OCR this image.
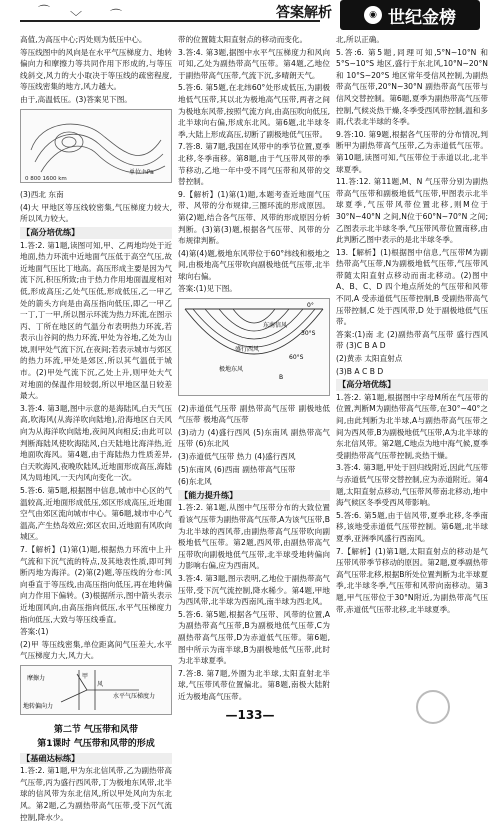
⌒ ﹀ ⌒	答案解析	◉ 世纪金榜

高值,为高压中心;丙处则为低压中心。

等压线图中的风向是在水平气压梯度力、地转偏向力和摩擦力等共同作用下形成的,与等压线斜交,风力的大小取决于等压线的疏密程度,等压线密集的地方,风力越大。

由于,高温低压。(3)答案见下图。

单位:hPa
0 800 1600 km

(3)西北 东南

(4)大 甲地区等压线较密集,气压梯度力较大,所以风力较大。

【高分培优练】

1.答:2. 第1题,读图可知,甲、乙两地均处于近地面,热力环流中近地面气压低于高空气压,故近地面气压比丁地高。高压形成主要是因为气流下沉,积压所致;由于热力作用地面温度相对低,形成高压;乙处气压低,形成低压,乙一甲乙处的箭头方向是由高压指向低压,即乙一甲乙一丁,丁一甲,所以图示环流为热力环流,在图示丙、丁所在地区的气温分布表明热力环流,若表示山谷间的热力环流,甲处为谷地,乙处为山坡,则甲处气流下沉,在夜间;若表示城市与郊区的热力环流,甲处是郊区,所以其气温低于城市。(2)甲处气流下沉,乙处上升,则甲处大气对地面的保温作用较弱,所以甲地区温日较差最大。

3.答:4. 第3题,图中示意的是海陆风,白天气压高,吹海风(从海洋吹向陆地),沿海地区白天风向为从海洋吹向陆地,夜间风向相反;由此可以判断海陆风使吹海陆风,白天陆地比海洋热,近地面吹海风。第4题,由于海陆热力性质差异,白天吹海风,夜晚吹陆风,近地面形成高压,海陆风为局地风,一天内风向变化一次。

5.答:6. 第5题,根据图中信息,城市中心区的气温较高,近地面形成低压,郊区形成高压,近地面空气由郊区流向城市中心。第6题,城市中心气温高,产生热岛效应;郊区农田,近地面有风吹向城区。

7.【解析】(1)第(1)题,根据热力环流中上升气流和下沉气流的特点,及其地表性质,即可判断丙地为海洋。(2)第(2)题,等压线的分布:风向垂直于等压线,由高压指向低压,再在地转偏向力作用下偏转。(3)根据所示,图中箭头表示近地面风向,由高压指向低压,水平气压梯度力指向低压,大致与等压线垂直。

答案:(1)

(2)甲 等压线密集,单位距离间气压差大,水平气压梯度力大,风力大。

摩擦力	甲
风
地转偏向力
水平气压梯度力
第二节 气压带和风带
第1课时 气压带和风带的形成
【基础达标练】

1.答:2. 第1题,甲为东北信风带,乙为副热带高气压带,丙为盛行西风带,丁为极地东风带,北半球的信风带为东北信风,所以甲处风向为东北风。第2题,乙为副热带高气压带,受下沉气流控制,降水少。

带的位置随太阳直射点的移动而变化。

3.答:4. 第3题,据图中水平气压梯度力和风向可知,乙处为副热带高气压带。第4题,乙地位于副热带高气压带,气流下沉,多晴朗天气。

5.答:6. 第5题,在北纬60°处形成低压,为副极地低气压带,其以北为极地高气压带,两者之间为极地东风带,按照气流方向,由高压吹向低压,北半球向右偏,形成东北风。第6题,北半球冬季,大陆上形成高压,切断了副极地低气压带。

7.答:8. 第7题,我国在风带中的季节位置,夏季北移,冬季南移。第8题,由于气压带风带的季节移动,乙地一年中受不同气压带和风带的交替控制。

9.【解析】(1)第(1)题,本题考查近地面气压带、风带的分布规律,三圈环流的形成原因。第(2)题,结合各气压带、风带的形成原因分析判断。(3)第(3)题,根据各气压带、风带的分布规律判断。

(4)第(4)题,极地东风带位于60°纬线和极地之间,由极地高气压带吹向副极地低气压带,北半球向右偏。

答案:(1)见下图。

0°
东南信风
30°S
盛行西风
60°S
极地东风
B

(2)赤道低气压带 副热带高气压带 副极地低气压带 极地高气压带

(3)动力 (4)盛行西风 (5)东南风 副热带高气压带 (6)东北风

(3)赤道低气压带 热力 (4)盛行西风

(5)东南风 (6)西南 副热带高气压带

(6)东北风

【能力提升练】

1.答:2. 第1题,从图中气压带分布的大致位置看该气压带为副热带高气压带,A为该气压带,B为北半球的西风带,由副热带高气压带吹向副极地低气压带。第2题,西风带,由副热带高气压带吹向副极地低气压带,北半球受地转偏向力影响右偏,应为西南风。

3.答:4. 第3题,图示表明,乙地位于副热带高气压带,受下沉气流控制,降水稀少。第4题,甲地为西风带,北半球为西南风,南半球为西北风。

5.答:6. 第5题,根据各气压带、风带的位置,A为副热带高气压带,B为副极地低气压带,C为副热带高气压带,D为赤道低气压带。第6题,图中所示为南半球,B为副极地低气压带,此时为北半球夏季。

7.答:8. 第7题,外圈为北半球,太阳直射北半球,气压带风带位置偏北。第8题,南极大陆附近为极地高气压带。

北,所以正确。

5.答:6. 第5题,同理可知,5°N~10°N 和 5°S~10°S 地区,盛行于东北风,10°N~20°N 和 10°S~20°S 地区常年受信风控制,为副热带高气压带,20°N~30°N 副热带高气压带与信风交替控制。第6题,夏季为副热带高气压带控制,气候炎热干燥,冬季受西风带控制,温和多雨,代表北半球的冬季。

9.答:10. 第9题,根据各气压带的分布情况,判断甲为副热带高气压带,乙为赤道低气压带。第10题,读图可知,气压带位于赤道以北,北半球夏季。

11.答:12. 第11题,M、N 气压带分别为副热带高气压带和副极地低气压带,甲图表示北半球夏季,气压带风带位置北移,则M位于30°N~40°N 之间,N位于60°N~70°N 之间;乙图表示北半球冬季,气压带风带位置南移,由此判断乙图中表示的是北半球冬季。

13.【解析】(1)根据图中信息,气压带M为副热带高气压带,N为副极地低气压带,气压带风带随太阳直射点移动而南北移动。(2)图中A、B、C、D 四个地点所处的气压带和风带不同,A 受赤道低气压带控制,B 受副热带高气压带控制,C 处于西风带,D 处于副极地低气压带。

答案:(1)南 北 (2)副热带高气压带 盛行西风带 (3)C B A D

(2)黄赤 太阳直射点

(3)B A C B D

【高分培优练】

1.答:2. 第1题,根据图中字母M所在气压带的位置,判断M为副热带高气压带,在30°~40°之间,由此判断为北半球,A与副热带高气压带之间为西风带,B为副极地低气压带,A为北半球的东北信风带。第2题,C地点为地中海气候,夏季受副热带高气压带控制,炎热干燥。

3.答:4. 第3题,甲处于回归线附近,因此气压带与赤道低气压带交替控制,应为赤道附近。第4题,太阳直射点移动,气压带风带南北移动,地中海气候区冬季受西风带影响。

5.答:6. 第5题,由于信风带,夏季北移,冬季南移,该地受赤道低气压带控制。第6题,北半球夏季,亚洲季风盛行西南风。

7.【解析】(1)第1题,太阳直射点的移动是气压带风带季节移动的原因。第2题,夏季副热带高气压带北移,根据B所处位置判断为北半球夏季,北半球冬季,气压带和风带向南移动。第3题,甲气压带位于30°N附近,为副热带高气压带,赤道低气压带北移,北半球夏季。

—133—
